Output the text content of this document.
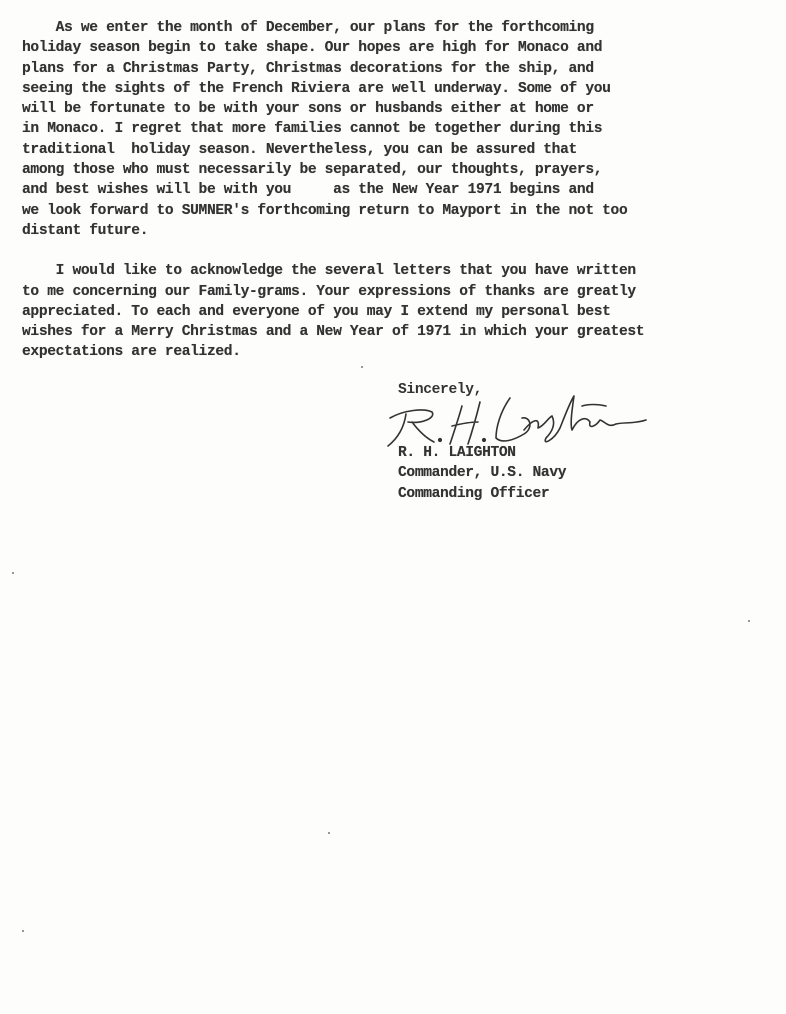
As we enter the month of December, our plans for the forthcoming
holiday season begin to take shape. Our hopes are high for Monaco and
plans for a Christmas Party, Christmas decorations for the ship, and
seeing the sights of the French Riviera are well underway. Some of you
will be fortunate to be with your sons or husbands either at home or
in Monaco. I regret that more families cannot be together during this
traditional  holiday season. Nevertheless, you can be assured that
among those who must necessarily be separated, our thoughts, prayers,
and best wishes will be with you     as the New Year 1971 begins and
we look forward to SUMNER's forthcoming return to Mayport in the not too
distant future.
I would like to acknowledge the several letters that you have written
to me concerning our Family-grams. Your expressions of thanks are greatly
appreciated. To each and everyone of you may I extend my personal best
wishes for a Merry Christmas and a New Year of 1971 in which your greatest
expectations are realized.
Sincerely,
R. H. LAIGHTON
Commander, U.S. Navy
Commanding Officer
